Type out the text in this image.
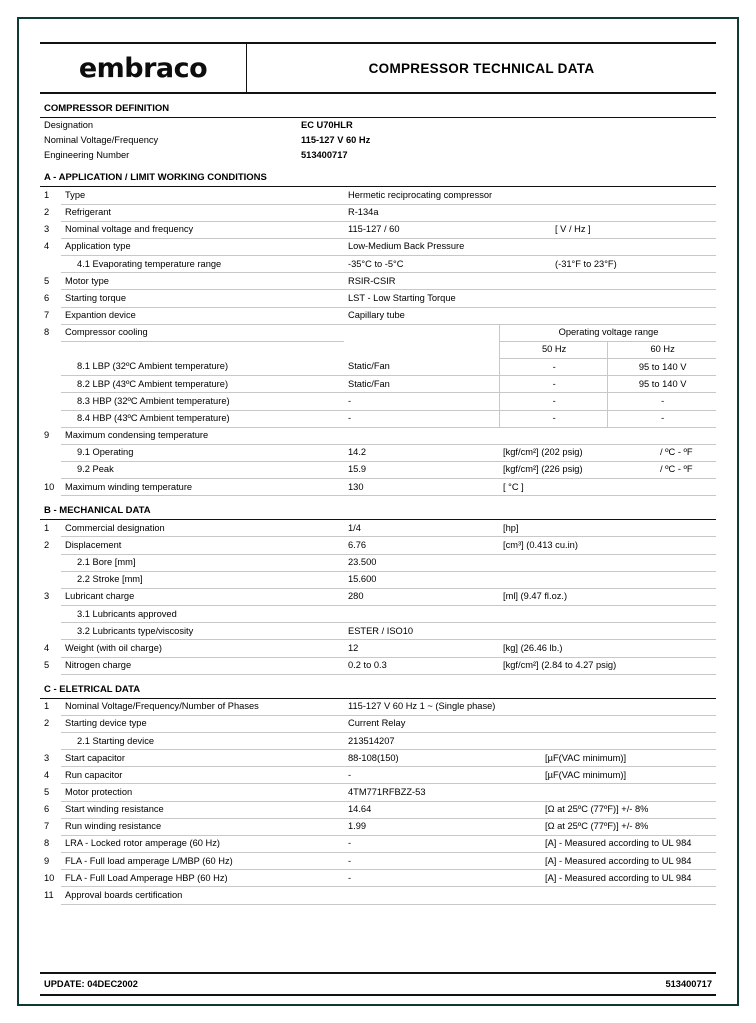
embraco	COMPRESSOR TECHNICAL DATA
COMPRESSOR DEFINITION
Designation	EC U70HLR
Nominal Voltage/Frequency	115-127 V 60 Hz
Engineering Number	513400717
A - APPLICATION / LIMIT WORKING CONDITIONS
1	Type	Hermetic reciprocating compressor	
2	Refrigerant	R-134a	
3	Nominal voltage and frequency	115-127 / 60	[ V / Hz ]
4	Application type	Low-Medium Back Pressure	
	4.1 Evaporating temperature range	-35°C to -5°C	(-31°F to 23°F)
5	Motor type	RSIR-CSIR	
6	Starting torque	LST - Low Starting Torque	
7	Expantion device	Capillary tube	
8	Compressor cooling		Operating voltage range	
			50 Hz	60 Hz
	8.1 LBP (32ºC Ambient temperature)	Static/Fan	-	95 to 140 V
	8.2 LBP (43ºC Ambient temperature)	Static/Fan	-	95 to 140 V
	8.3 HBP (32ºC Ambient temperature)	-	-	-
	8.4 HBP (43ºC Ambient temperature)	-	-	-
9	Maximum condensing temperature			
	9.1 Operating	14.2	[kgf/cm²] (202 psig)	/ ºC - ºF
	9.2 Peak	15.9	[kgf/cm²] (226 psig)	/ ºC - ºF
10	Maximum winding temperature	130	[ °C ]	
B - MECHANICAL DATA
1	Commercial designation	1/4	[hp]
2	Displacement	6.76	[cm³] (0.413 cu.in)
	2.1 Bore [mm]	23.500	
	2.2 Stroke [mm]	15.600	
3	Lubricant charge	280	[ml] (9.47 fl.oz.)
	3.1 Lubricants approved		
	3.2 Lubricants type/viscosity	ESTER / ISO10	
4	Weight (with oil charge)	12	[kg] (26.46 lb.)
5	Nitrogen charge	0.2 to 0.3	[kgf/cm²] (2.84 to 4.27 psig)
C - ELETRICAL DATA
1	Nominal Voltage/Frequency/Number of Phases	115-127 V 60 Hz 1 ~ (Single phase)	
2	Starting device type	Current Relay	
	2.1 Starting device	213514207	
3	Start capacitor	88-108(150)	[µF(VAC minimum)]
4	Run capacitor	-	[µF(VAC minimum)]
5	Motor protection	4TM771RFBZZ-53	
6	Start winding resistance	14.64	[Ω at 25ºC (77ºF)] +/- 8%
7	Run winding resistance	1.99	[Ω at 25ºC (77ºF)] +/- 8%
8	LRA - Locked rotor amperage (60 Hz)	-	[A] - Measured according to UL 984
9	FLA - Full load amperage L/MBP (60 Hz)	-	[A] - Measured according to UL 984
10	FLA - Full Load Amperage HBP (60 Hz)	-	[A] - Measured according to UL 984
11	Approval boards certification		
UPDATE: 04DEC2002	513400717
